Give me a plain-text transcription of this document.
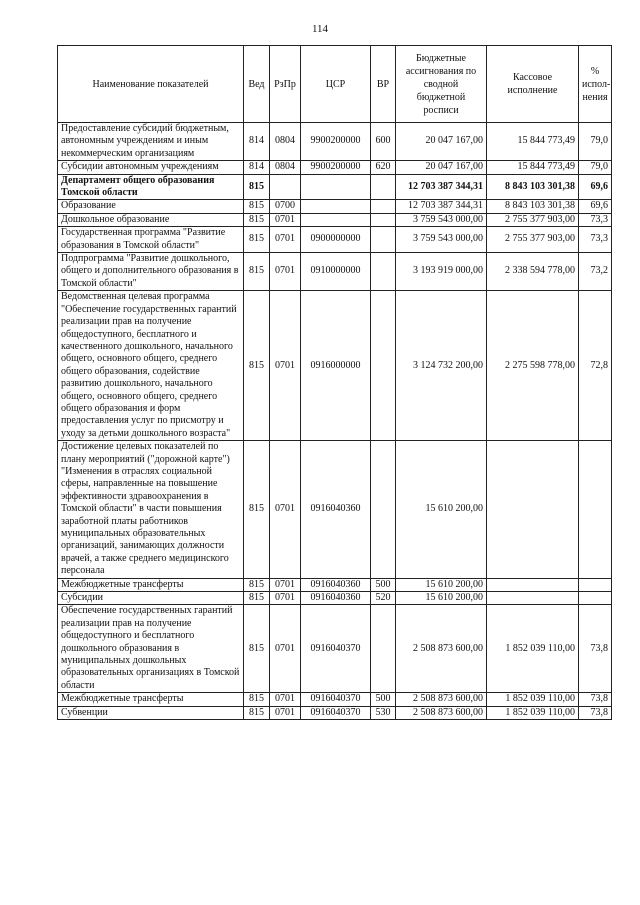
114
Наименование показателей	Вед	РзПр	ЦСР	ВР	Бюджетные ассигнования по сводной бюджетной росписи	Кассовое исполнение	% испол-нения
Предоставление субсидий бюджетным, автономным учреждениям и иным некоммерческим организациям	814	0804	9900200000	600	20 047 167,00	15 844 773,49	79,0
Субсидии автономным учреждениям	814	0804	9900200000	620	20 047 167,00	15 844 773,49	79,0
Департамент общего образования Томской области	815				12 703 387 344,31	8 843 103 301,38	69,6
Образование	815	0700			12 703 387 344,31	8 843 103 301,38	69,6
Дошкольное образование	815	0701			3 759 543 000,00	2 755 377 903,00	73,3
Государственная программа "Развитие образования в Томской области"	815	0701	0900000000		3 759 543 000,00	2 755 377 903,00	73,3
Подпрограмма "Развитие дошкольного, общего и дополнительного образования в Томской области"	815	0701	0910000000		3 193 919 000,00	2 338 594 778,00	73,2
Ведомственная целевая программа "Обеспечение государственных гарантий реализации прав на получение общедоступного, бесплатного и качественного дошкольного, начального общего, основного общего, среднего общего образования, содействие развитию дошкольного, начального общего, основного общего, среднего общего образования и форм предоставления услуг по присмотру и уходу за детьми дошкольного возраста"	815	0701	0916000000		3 124 732 200,00	2 275 598 778,00	72,8
Достижение целевых показателей по плану мероприятий ("дорожной карте") "Изменения в отраслях социальной сферы, направленные на повышение эффективности здравоохранения в Томской области" в части повышения заработной платы работников муниципальных образовательных организаций, занимающих должности врачей, а также среднего медицинского персонала	815	0701	0916040360		15 610 200,00		
Межбюджетные трансферты	815	0701	0916040360	500	15 610 200,00		
Субсидии	815	0701	0916040360	520	15 610 200,00		
Обеспечение государственных гарантий реализации прав на получение общедоступного и бесплатного дошкольного образования в муниципальных дошкольных образовательных организациях в Томской области	815	0701	0916040370		2 508 873 600,00	1 852 039 110,00	73,8
Межбюджетные трансферты	815	0701	0916040370	500	2 508 873 600,00	1 852 039 110,00	73,8
Субвенции	815	0701	0916040370	530	2 508 873 600,00	1 852 039 110,00	73,8
